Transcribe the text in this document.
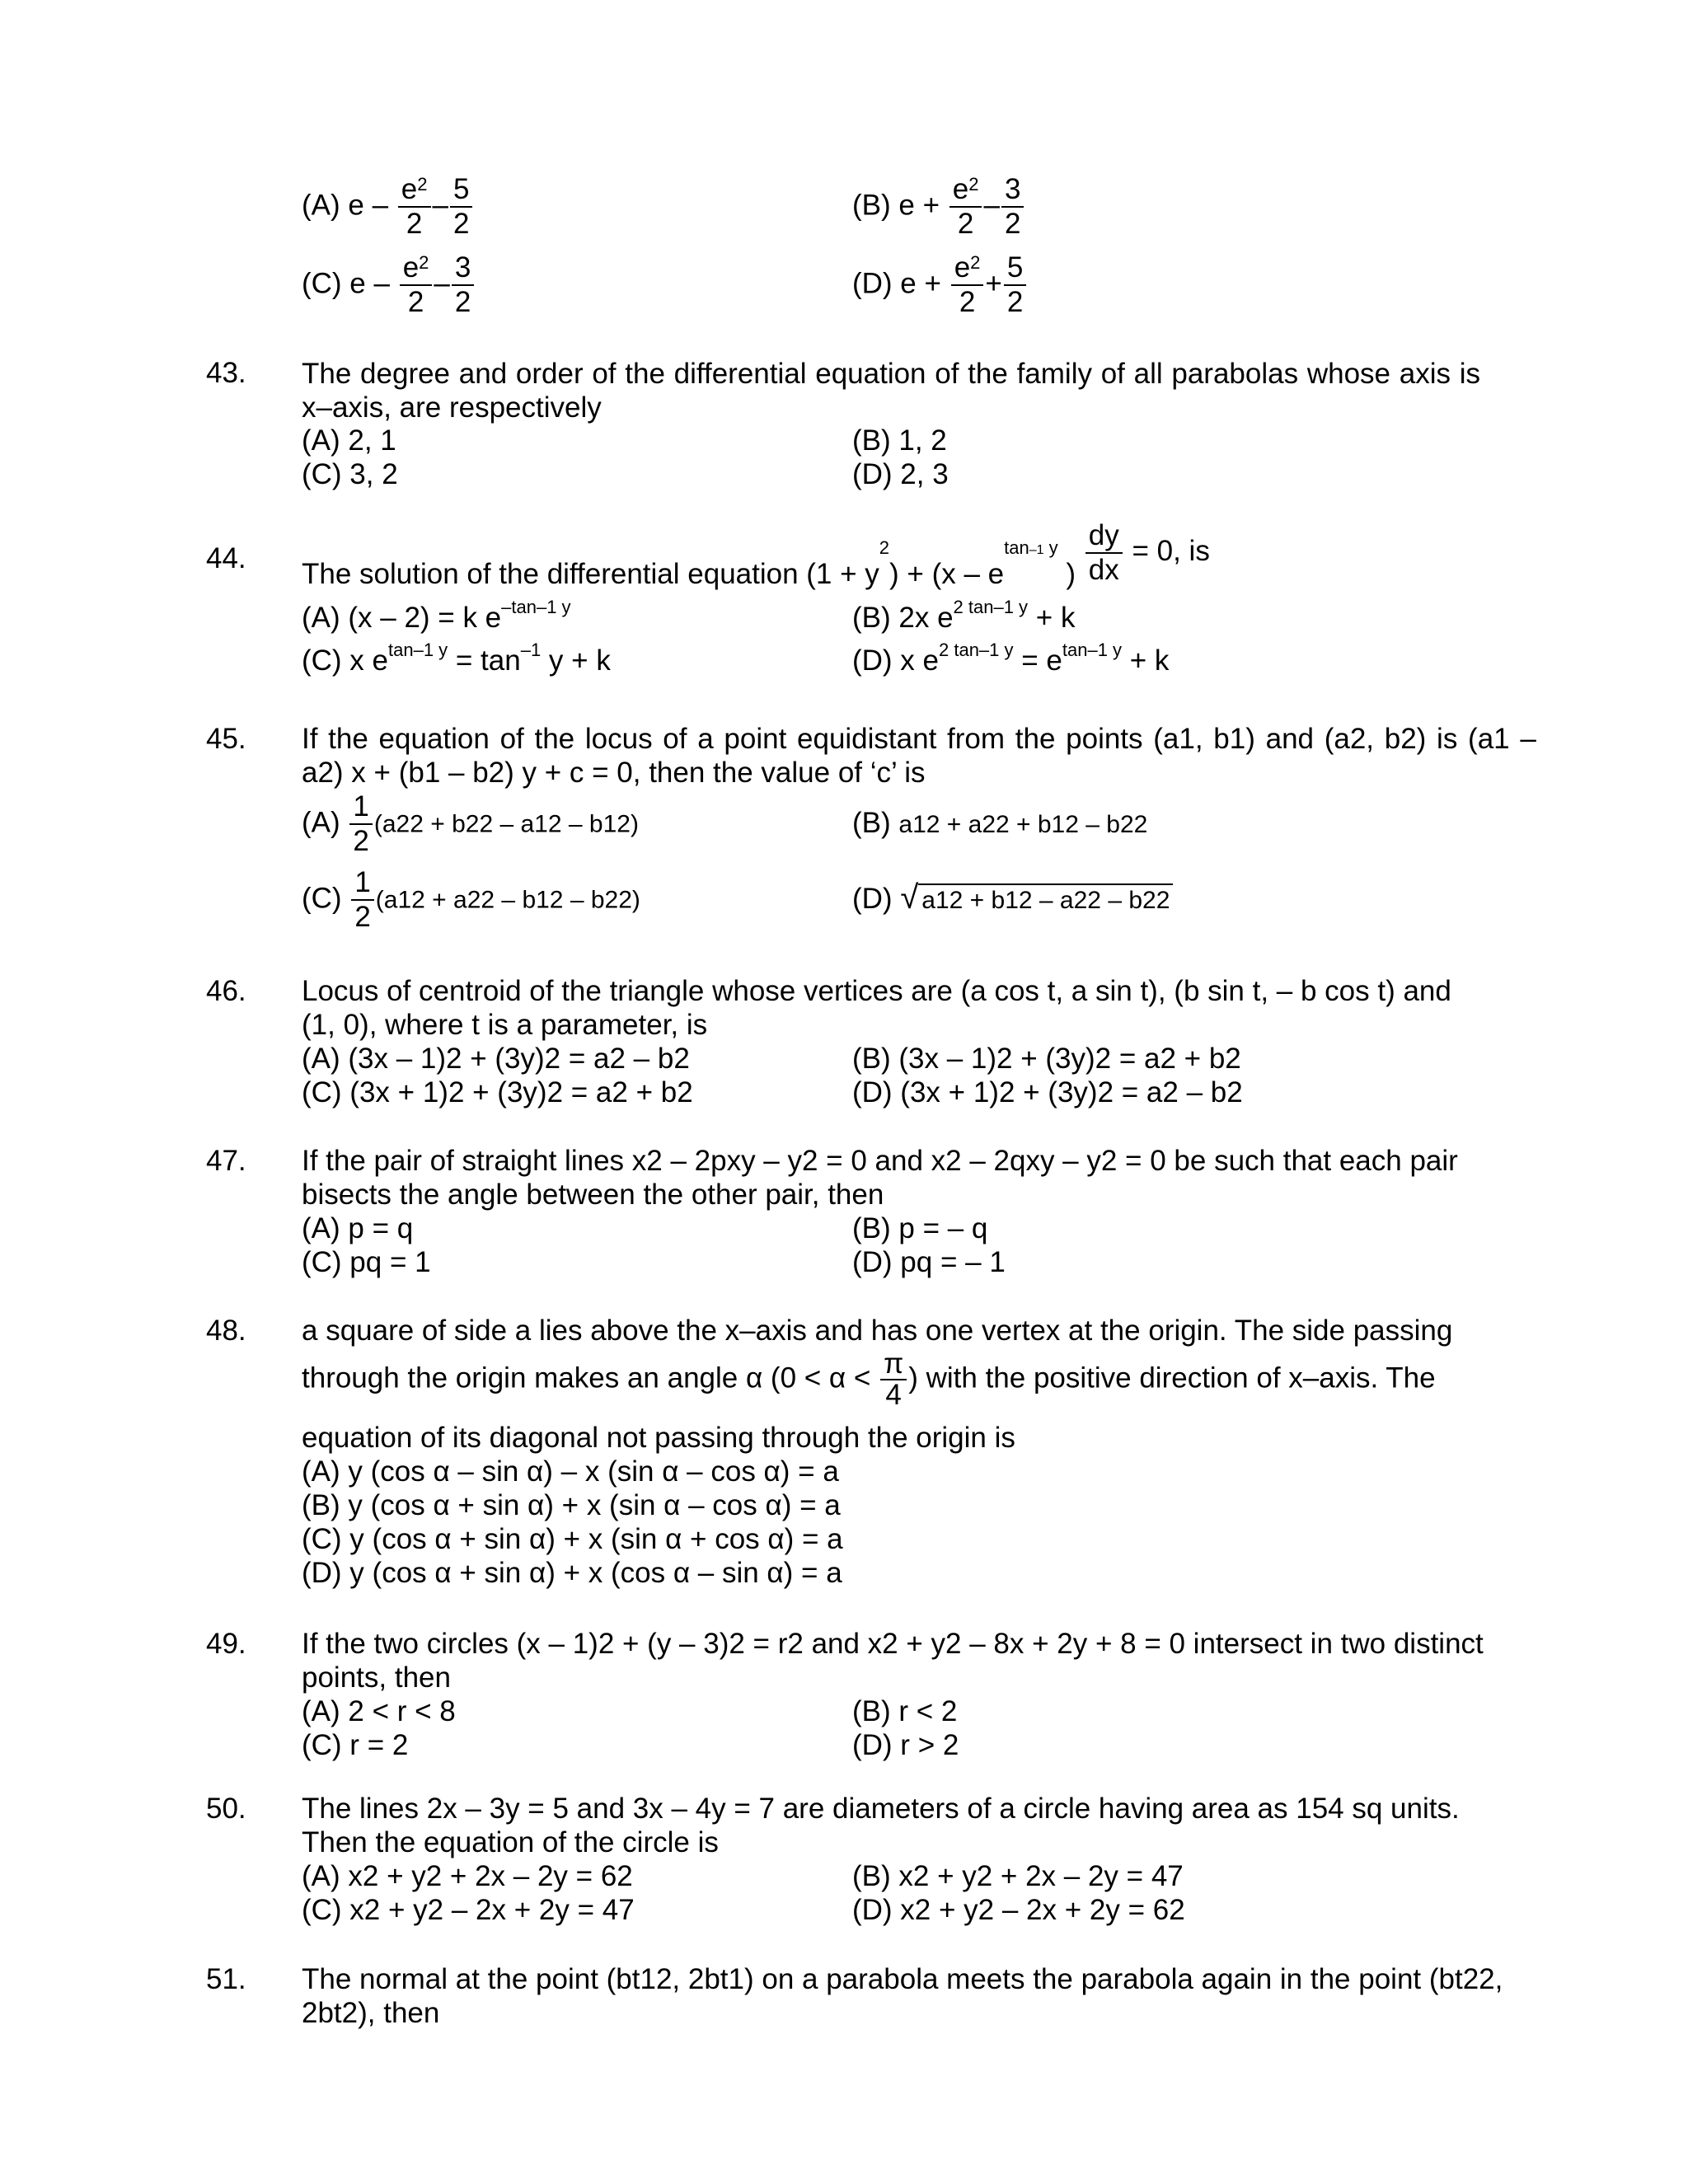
(A) e – $\frac{e^2}{2} - \frac{5}{2}$	(B) $e + \frac{e^2}{2} - \frac{3}{2}$
(C) e – $\frac{e^2}{2} - \frac{3}{2}$	(D) $e + \frac{e^2}{2} + \frac{5}{2}$
43.	The degree and order of the differential equation of the family of all parabolas whose axis is x–axis, are respectively
(A) 2, 1	(B) 1, 2
(C) 3, 2	(D) 2, 3
44.	The solution of the differential equation $(1 + y^2) + (x - e^{tan-1 y}$ ) $\frac{dy}{dx} = 0$, is
(A) (x – 2) = k $e^{-tan-1 y}$	(B) 2x $e^{2 tan-1 y} + k$
(C) x $e^{tan-1 y} = \tan^{-1} y + k$	(D) x $e^{2 tan-1 y} = e^{tan-1 y} + k$
45.	If the equation of the locus of a point equidistant from the points (a1, b1) and (a2, b2) is (a1 –
a2) x + (b1 – b2) y + c = 0, then the value of ‘c’ is
$(A) \frac{1}{2} (a22 + b22 - a12 - b12)$	(B) a12 + a22 + b12 – b22
$(C) \frac{1}{2} (a12 + a22 - b12 - b22)$	(D) √ a12 + b12 – a22 – b22
46.	Locus of centroid of the triangle whose vertices are (a cos t, a sin t), (b sin t, – b cos t) and
(1, 0), where t is a parameter, is
(A) (3x – 1)2 + (3y)2 = a2 – b2	(B) (3x – 1)2 + (3y)2 = a2 + b2
(C) (3x + 1)2 + (3y)2 = a2 + b2	(D) (3x + 1)2 + (3y)2 = a2 – b2
47.	If the pair of straight lines x2 – 2pxy – y2 = 0 and x2 – 2qxy – y2 = 0 be such that each pair
bisects the angle between the other pair, then
(A) p = q	(B) p = – q
(C) pq = 1	(D) pq = – 1
48.	a square of side a lies above the x–axis and has one vertex at the origin. The side passing
through the origin makes an angle α ($0 < \alpha < \frac{\pi}{4}$ ) with the positive direction of x–axis. The
equation of its diagonal not passing through the origin is
(A) y (cos α – sin α) – x (sin α – cos α) = a
(B) y (cos α + sin α) + x (sin α – cos α) = a
(C) y (cos α + sin α) + x (sin α + cos α) = a
(D) y (cos α + sin α) + x (cos α – sin α) = a
49.	If the two circles (x – 1)2 + (y – 3)2 = r2 and x2 + y2 – 8x + 2y + 8 = 0 intersect in two distinct
points, then
(A) 2 < r < 8	(B) r < 2
(C) r = 2	(D) r > 2
50.	The lines 2x – 3y = 5 and 3x – 4y = 7 are diameters of a circle having area as 154 sq units.
Then the equation of the circle is
(A) x2 + y2 + 2x – 2y = 62	(B) x2 + y2 + 2x – 2y = 47
(C) x2 + y2 – 2x + 2y = 47	(D) x2 + y2 – 2x + 2y = 62
51.	The normal at the point (bt12, 2bt1) on a parabola meets the parabola again in the point (bt22,
2bt2), then
